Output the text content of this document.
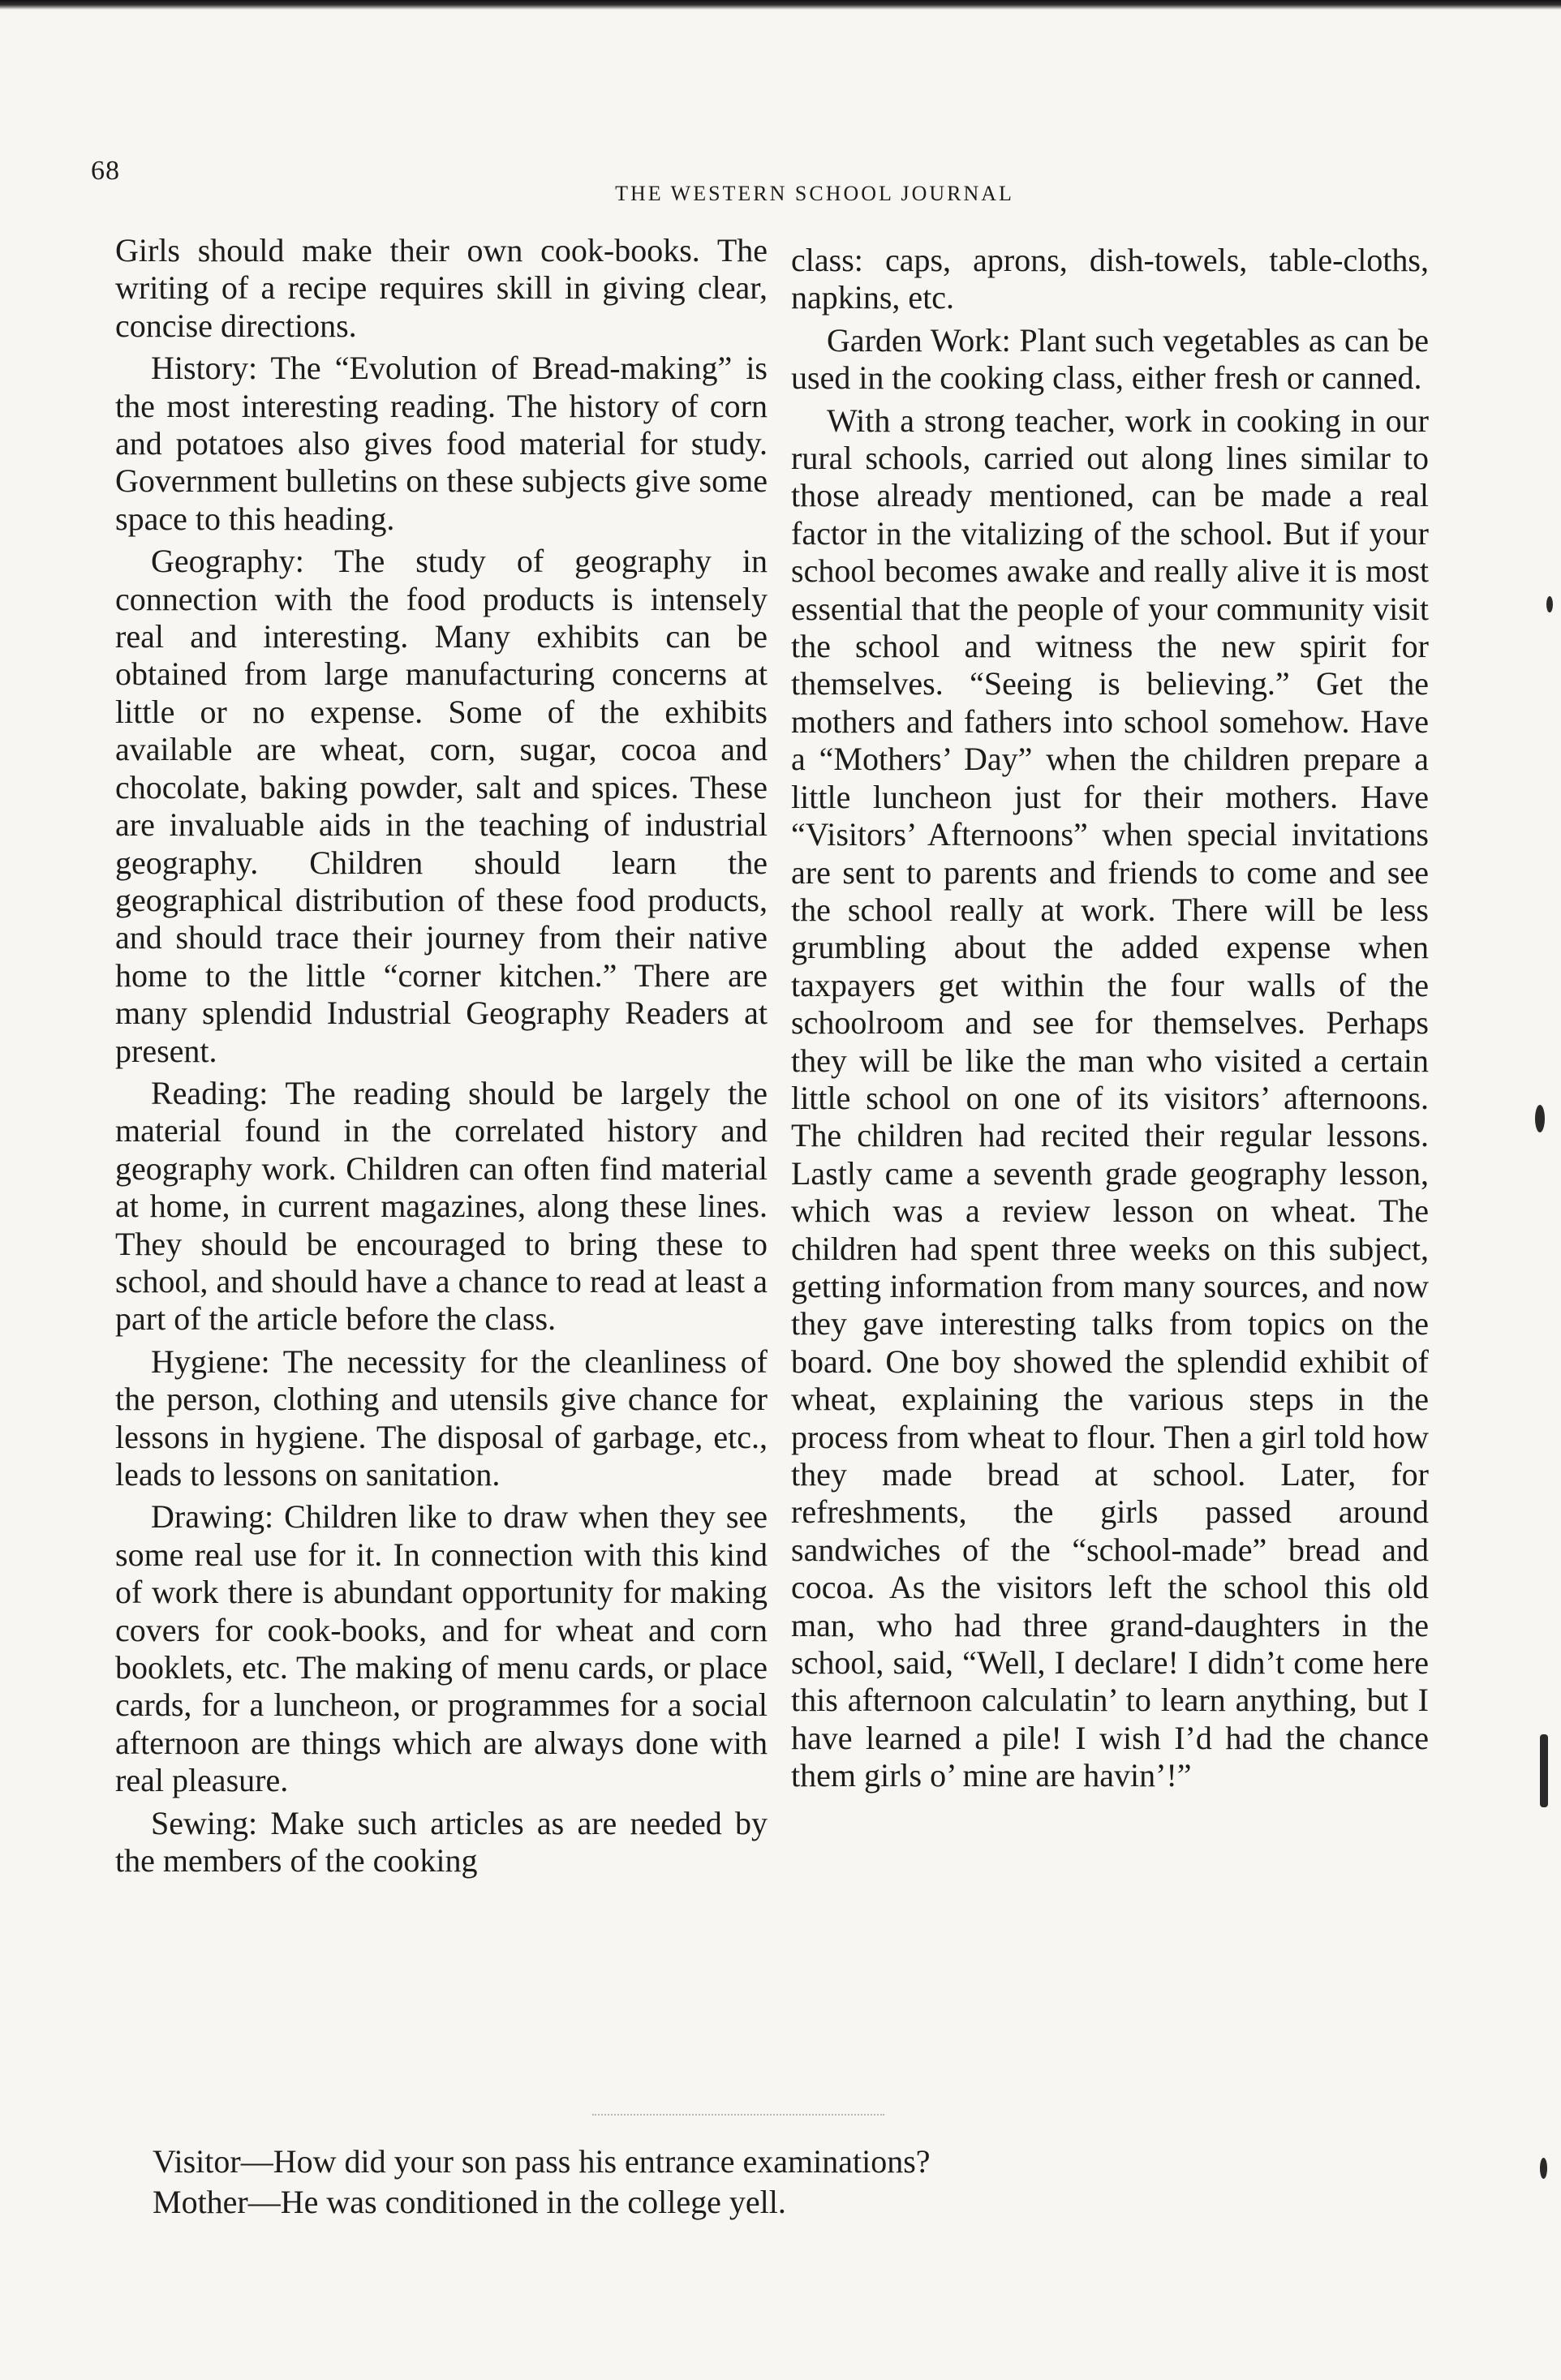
68
THE WESTERN SCHOOL JOURNAL

Girls should make their own cook-books. The writing of a recipe requires skill in giving clear, concise directions.

History: The “Evolution of Bread-making” is the most interesting reading. The history of corn and potatoes also gives food material for study. Government bulletins on these subjects give some space to this heading.

Geography: The study of geography in connection with the food products is intensely real and interesting. Many exhibits can be obtained from large manufacturing concerns at little or no expense. Some of the exhibits available are wheat, corn, sugar, cocoa and chocolate, baking powder, salt and spices. These are invaluable aids in the teaching of industrial geography. Children should learn the geographical distribution of these food products, and should trace their journey from their native home to the little “corner kitchen.” There are many splendid Industrial Geography Readers at present.

Reading: The reading should be largely the material found in the correlated history and geography work. Children can often find material at home, in current magazines, along these lines. They should be encouraged to bring these to school, and should have a chance to read at least a part of the article before the class.

Hygiene: The necessity for the cleanliness of the person, clothing and utensils give chance for lessons in hygiene. The disposal of garbage, etc., leads to lessons on sanitation.

Drawing: Children like to draw when they see some real use for it. In connection with this kind of work there is abundant opportunity for making covers for cook-books, and for wheat and corn booklets, etc. The making of menu cards, or place cards, for a luncheon, or programmes for a social afternoon are things which are always done with real pleasure.

Sewing: Make such articles as are needed by the members of the cooking

class: caps, aprons, dish-towels, table-cloths, napkins, etc.

Garden Work: Plant such vegetables as can be used in the cooking class, either fresh or canned.

With a strong teacher, work in cooking in our rural schools, carried out along lines similar to those already mentioned, can be made a real factor in the vitalizing of the school. But if your school becomes awake and really alive it is most essential that the people of your community visit the school and witness the new spirit for themselves. “Seeing is believing.” Get the mothers and fathers into school somehow. Have a “Mothers’ Day” when the children prepare a little luncheon just for their mothers. Have “Visitors’ Afternoons” when special invitations are sent to parents and friends to come and see the school really at work. There will be less grumbling about the added expense when taxpayers get within the four walls of the schoolroom and see for themselves. Perhaps they will be like the man who visited a certain little school on one of its visitors’ afternoons. The children had recited their regular lessons. Lastly came a seventh grade geography lesson, which was a review lesson on wheat. The children had spent three weeks on this subject, getting information from many sources, and now they gave interesting talks from topics on the board. One boy showed the splendid exhibit of wheat, explaining the various steps in the process from wheat to flour. Then a girl told how they made bread at school. Later, for refreshments, the girls passed around sandwiches of the “school-made” bread and cocoa. As the visitors left the school this old man, who had three grand-daughters in the school, said, “Well, I declare! I didn’t come here this afternoon calculatin’ to learn anything, but I have learned a pile! I wish I’d had the chance them girls o’ mine are havin’!”

Visitor—How did your son pass his entrance examinations?
Mother—He was conditioned in the college yell.
